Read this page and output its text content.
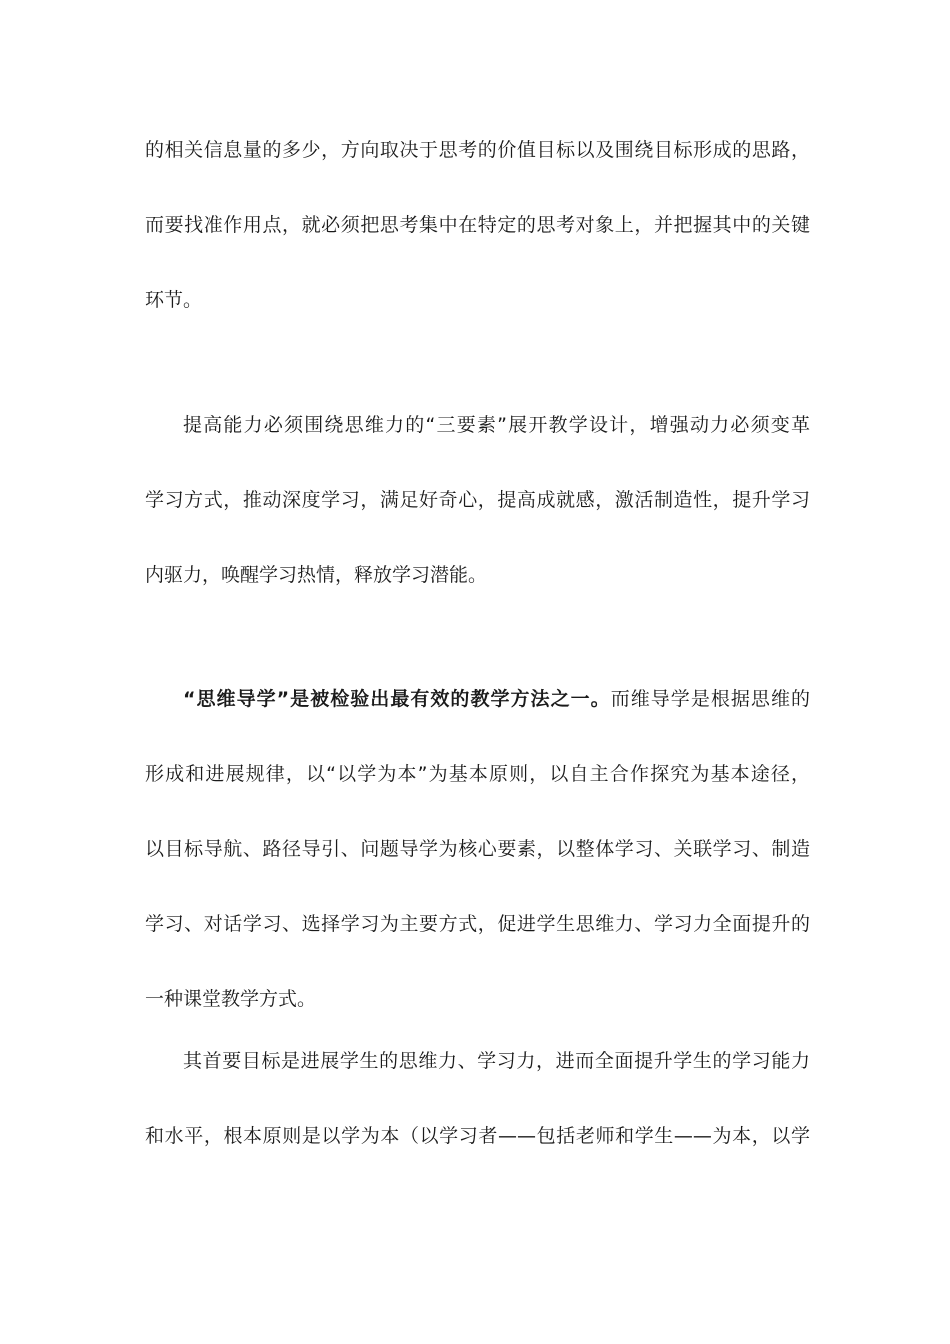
的相关信息量的多少，方向取决于思考的价值目标以及围绕目标形成的思路，
而要找准作用点，就必须把思考集中在特定的思考对象上，并把握其中的关键
环节。
提高能力必须围绕思维力的“三要素”展开教学设计，增强动力必须变革
学习方式，推动深度学习，满足好奇心，提高成就感，激活制造性，提升学习
内驱力，唤醒学习热情，释放学习潜能。
“思维导学”是被检验出最有效的教学方法之一。而维导学是根据思维的
形成和进展规律，以“以学为本”为基本原则，以自主合作探究为基本途径，
以目标导航、路径导引、问题导学为核心要素，以整体学习、关联学习、制造
学习、对话学习、选择学习为主要方式，促进学生思维力、学习力全面提升的
一种课堂教学方式。
其首要目标是进展学生的思维力、学习力，进而全面提升学生的学习能力
和水平，根本原则是以学为本（以学习者——包括老师和学生——为本，以学
